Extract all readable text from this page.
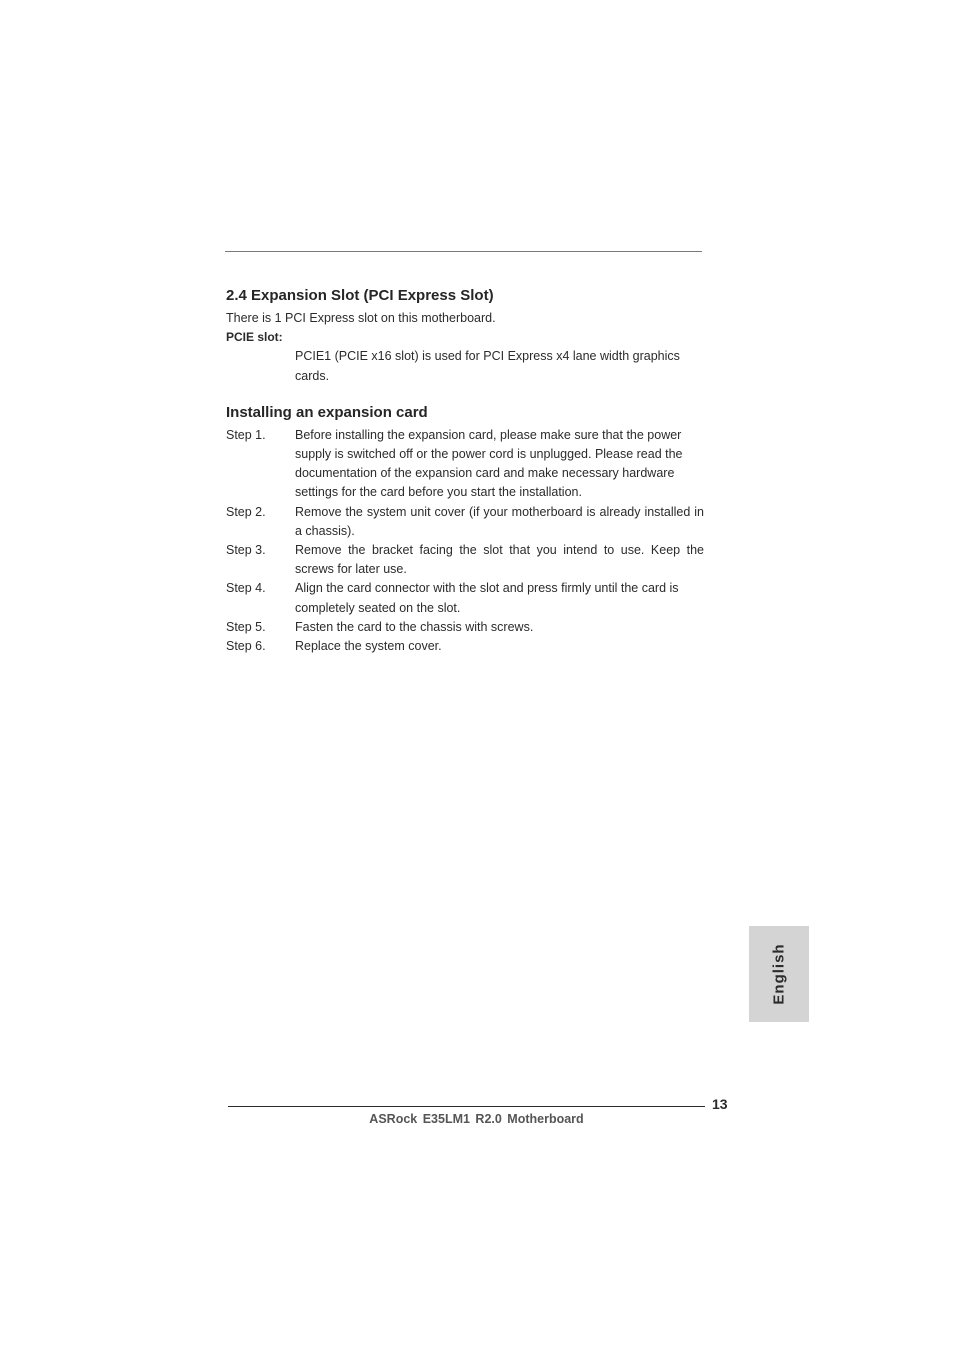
2.4 Expansion Slot (PCI Express Slot)

There is 1 PCI Express slot on this motherboard.

PCIE slot:

PCIE1 (PCIE x16 slot) is used for PCI Express x4 lane width graphics
cards.
Installing an expansion card
Step 1.	Before installing the expansion card, please make sure that the power supply is switched off or the power cord is unplugged. Please read the documentation of the expansion card and make necessary hardware settings for the card before you start the installation.
Step 2.	Remove the system unit cover (if your motherboard is already installed in a chassis).
Step 3.	Remove the bracket facing the slot that you intend to use. Keep the screws for later use.
Step 4.	Align the card connector with the slot and press firmly until the card is completely seated on the slot.
Step 5.	Fasten the card to the chassis with screws.
Step 6.	Replace the system cover.
English
13
ASRock E35LM1 R2.0 Motherboard
